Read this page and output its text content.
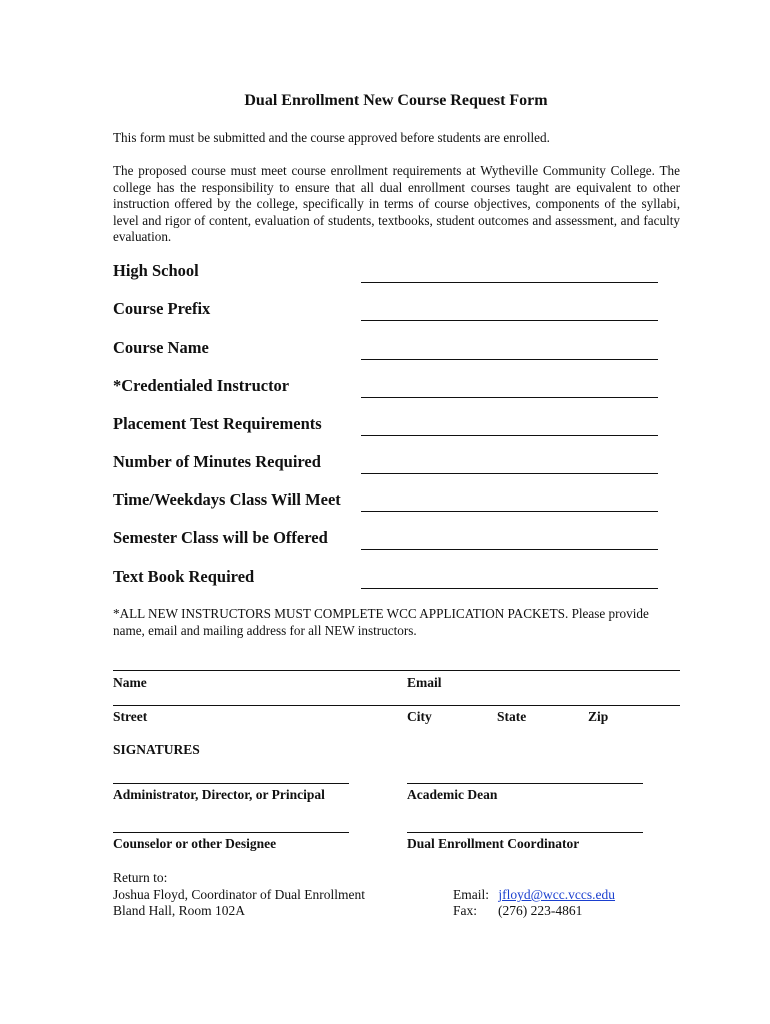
Dual Enrollment New Course Request Form
This form must be submitted and the course approved before students are enrolled.
The proposed course must meet course enrollment requirements at Wytheville Community College. The college has the responsibility to ensure that all dual enrollment courses taught are equivalent to other instruction offered by the college, specifically in terms of course objectives, components of the syllabi, level and rigor of content, evaluation of students, textbooks, student outcomes and assessment, and faculty evaluation.
High School
Course Prefix
Course Name
*Credentialed Instructor
Placement Test Requirements
Number of Minutes Required
Time/Weekdays Class Will Meet
Semester Class will be Offered
Text Book Required
*ALL NEW INSTRUCTORS MUST COMPLETE WCC APPLICATION PACKETS. Please provide name, email and mailing address for all NEW instructors.
Name	Email
Street	City	State	Zip
SIGNATURES
Administrator, Director, or Principal	Academic Dean
Counselor or other Designee	Dual Enrollment Coordinator
Return to:
Joshua Floyd, Coordinator of Dual Enrollment
Bland Hall, Room 102A
Email: jfloyd@wcc.vccs.edu
Fax: (276) 223-4861
